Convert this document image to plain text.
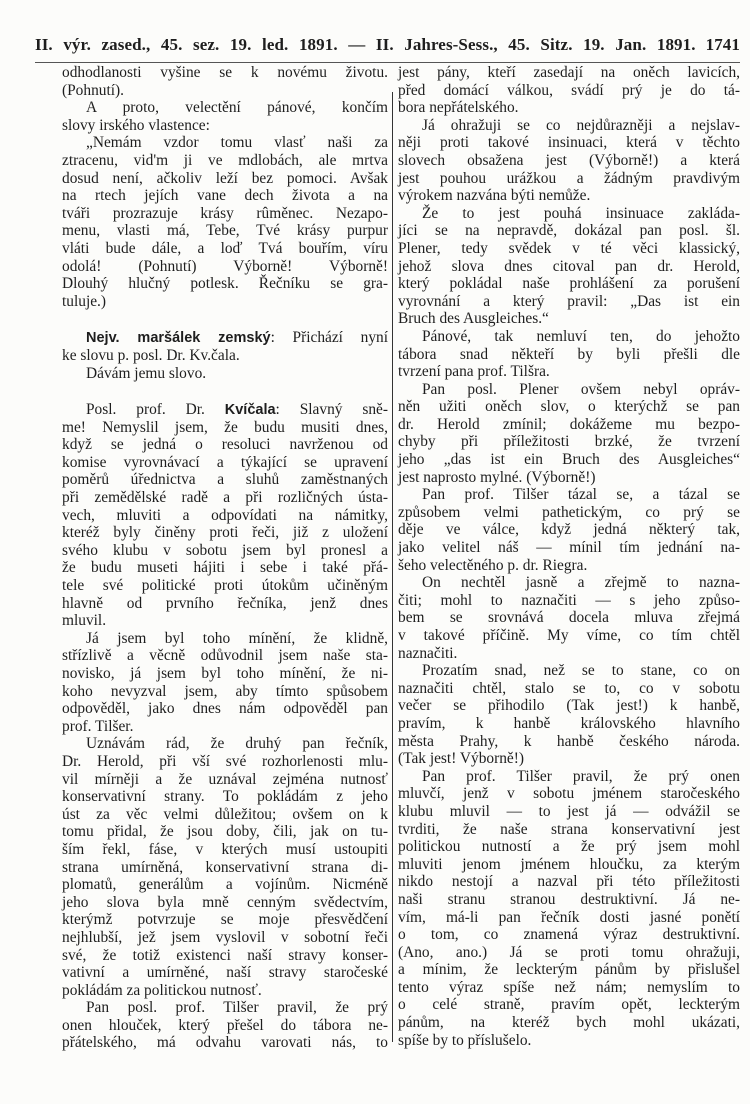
II. výr. zased., 45. sez. 19. led. 1891. — II. Jahres-Sess., 45. Sitz. 19. Jan. 1891. 1741
odhodlanosti vyšine se k novému životu.
(Pohnutí).
A proto, velectění pánové, končím
slovy irského vlastence:
„Nemám vzdor tomu vlasť naši za
ztracenu, vid'm ji ve mdlobách, ale mrtva
dosud není, ačkoliv leží bez pomoci. Avšak
na rtech jejích vane dech života a na
tváři prozrazuje krásy rûměnec. Nezapo-
menu, vlasti má, Tebe, Tvé krásy purpur
vláti bude dále, a loď Tvá bouřím, víru
odolá! (Pohnutí) Výborně! Výborně!
Dlouhý hlučný potlesk. Řečníku se gra-
tuluje.)
Nejv. maršálek zemský: Přichází nyní
ke slovu p. posl. Dr. Kv.čala.
Dávám jemu slovo.
Posl. prof. Dr. Kvíčala: Slavný sně-
me! Nemyslil jsem, že budu musiti dnes,
když se jedná o resoluci navrženou od
komise vyrovnávací a týkající se upravení
poměrů úřednictva a sluhů zaměstnaných
při zemědělské radě a při rozličných ústa-
vech, mluviti a odpovídati na námitky,
kteréž byly činěny proti řeči, již z uložení
svého klubu v sobotu jsem byl pronesl a
že budu museti hájiti i sebe i také přá-
tele své politické proti útokům učiněným
hlavně od prvního řečníka, jenž dnes
mluvil.
Já jsem byl toho mínění, že klidně,
střízlivě a věcně odůvodnil jsem naše sta-
novisko, já jsem byl toho mínění, že ni-
koho nevyzval jsem, aby tímto spůsobem
odpověděl, jako dnes nám odpověděl pan
prof. Tilšer.
Uznávám rád, že druhý pan řečník,
Dr. Herold, při vší své rozhorlenosti mlu-
vil mírněji a že uznával zejména nutnosť
konservativní strany. To pokládám z jeho
úst za věc velmi důležitou; ovšem on k
tomu přidal, že jsou doby, čili, jak on tu-
ším řekl, fáse, v kterých musí ustoupiti
strana umírněná, konservativní strana di-
plomatů, generálům a vojínům. Nicméně
jeho slova byla mně cenným svědectvím,
kterýmž potvrzuje se moje přesvědčení
nejhlubší, jež jsem vyslovil v sobotní řeči
své, že totiž existenci naší stravy konser-
vativní a umírněné, naší stravy staročeské
pokládám za politickou nutnosť.
Pan posl. prof. Tilšer pravil, že prý
onen hlouček, který přešel do tábora ne-
přátelského, má odvahu varovati nás, to
jest pány, kteří zasedají na oněch lavicích,
před domácí válkou, svádí prý je do tá-
bora nepřátelského.
Já ohražuji se co nejdůrazněji a nejslav-
něji proti takové insinuaci, která v těchto
slovech obsažena jest (Výborně!) a která
jest pouhou urážkou a žádným pravdivým
výrokem nazvána býti nemůže.
Že to jest pouhá insinuace zakláda-
jíci se na nepravdě, dokázal pan posl. šl.
Plener, tedy svědek v té věci klassický,
jehož slova dnes citoval pan dr. Herold,
který pokládal naše prohlášení za porušení
vyrovnání a který pravil: „Das ist ein
Bruch des Ausgleiches.“
Pánové, tak nemluví ten, do jehožto
tábora snad někteří by byli přešli dle
tvrzení pana prof. Tilšra.
Pan posl. Plener ovšem nebyl opráv-
něn užiti oněch slov, o kterýchž se pan
dr. Herold zmínil; dokážeme mu bezpo-
chyby při příležitosti brzké, že tvrzení
jeho „das ist ein Bruch des Ausgleiches“
jest naprosto mylné. (Výborně!)
Pan prof. Tilšer tázal se, a tázal se
způsobem velmi pathetickým, co prý se
děje ve válce, když jedná některý tak,
jako velitel náš — mínil tím jednání na-
šeho velectěného p. dr. Riegra.
On nechtěl jasně a zřejmě to nazna-
čiti; mohl to naznačiti — s jeho způso-
bem se srovnává docela mluva zřejmá
v takové příčině. My víme, co tím chtěl
naznačiti.
Prozatím snad, než se to stane, co on
naznačiti chtěl, stalo se to, co v sobotu
večer se přihodilo (Tak jest!) k hanbě,
pravím, k hanbě královského hlavního
města Prahy, k hanbě českého národa.
(Tak jest! Výborně!)
Pan prof. Tilšer pravil, že prý onen
mluvčí, jenž v sobotu jménem staročeského
klubu mluvil — to jest já — odvážil se
tvrditi, že naše strana konservativní jest
politickou nutností a že prý jsem mohl
mluviti jenom jménem hloučku, za kterým
nikdo nestojí a nazval při této příležitosti
naši stranu stranou destruktivní. Já ne-
vím, má-li pan řečník dosti jasné ponětí
o tom, co znamená výraz destruktivní.
(Ano, ano.) Já se proti tomu ohražuji,
a mínim, že leckterým pánům by přislušel
tento výraz spíše než nám; nemyslím to
o celé straně, pravím opět, leckterým
pánům, na kteréž bych mohl ukázati,
spíše by to příslušelo.
